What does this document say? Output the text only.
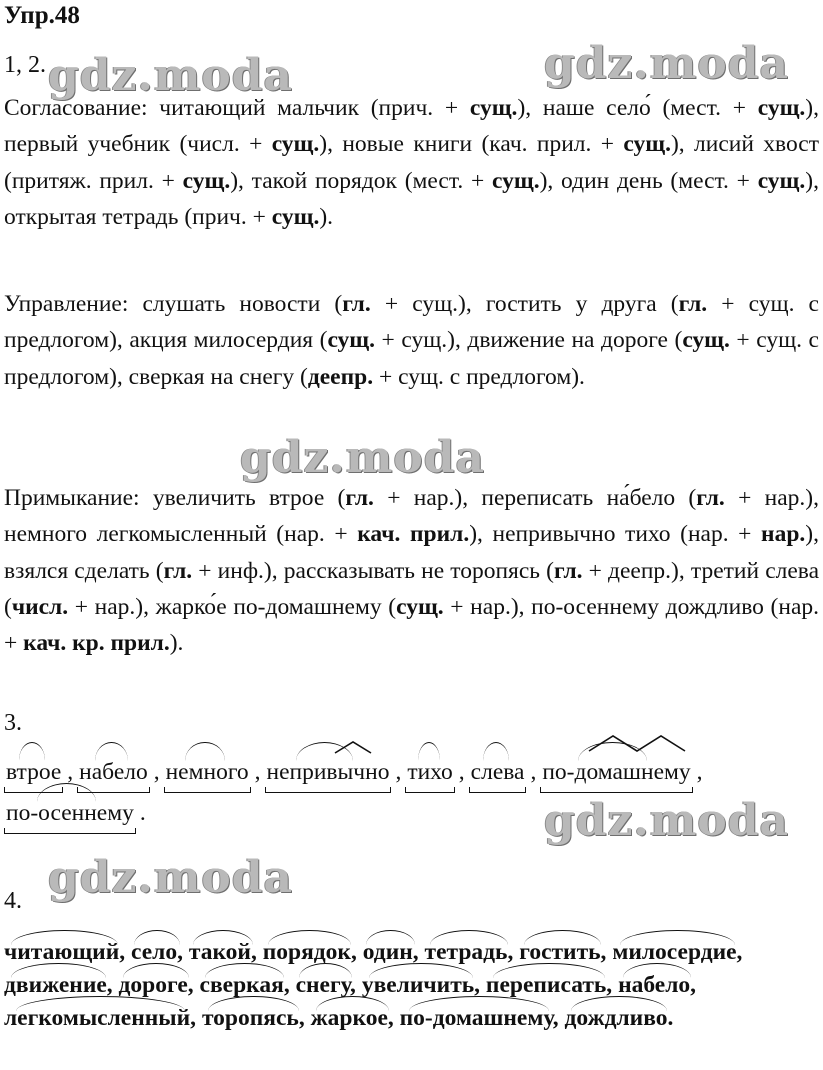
Упр.48
1, 2. gdz.moda	gdz.moda
gdz.moda
gdz.moda
gdz.moda
Согласование: читающий мальчик (прич. + сущ.), наше село́ (мест. + сущ.), первый учебник (числ. + сущ.), новые книги (кач. прил. + сущ.), лисий хвост (притяж. прил. + сущ.), такой порядок (мест. + сущ.), один день (мест. + сущ.), открытая тетрадь (прич. + сущ.).
Управление: слушать новости (гл. + сущ.), гостить у друга (гл. + сущ. с предлогом), акция милосердия (сущ. + сущ.), движение на дороге (сущ. + сущ. с предлогом), сверкая на снегу (деепр. + сущ. с предлогом).
Примыкание: увеличить втрое (гл. + нар.), переписать на́бело (гл. + нар.), немного легкомысленный (нар. + кач. прил.), непривычно тихо (нар. + нар.), взялся сделать (гл. + инф.), рассказывать не торопясь (гл. + деепр.), третий слева (числ. + нар.), жарко́е по-домашнему (сущ. + нар.), по-осеннему дождливо (нар. + кач. кр. прил.).
3.
втрое , набело , немного , непривычно , тихо , слева , по-домашнему ,
по-осеннему .
4.
читающий, село, такой, порядок, один, тетрадь, гостить, милосердие,
движение, дороге, сверкая, снегу, увеличить, переписать, набело,
легкомысленный, торопясь, жаркое, по-домашнему, дождливо.
